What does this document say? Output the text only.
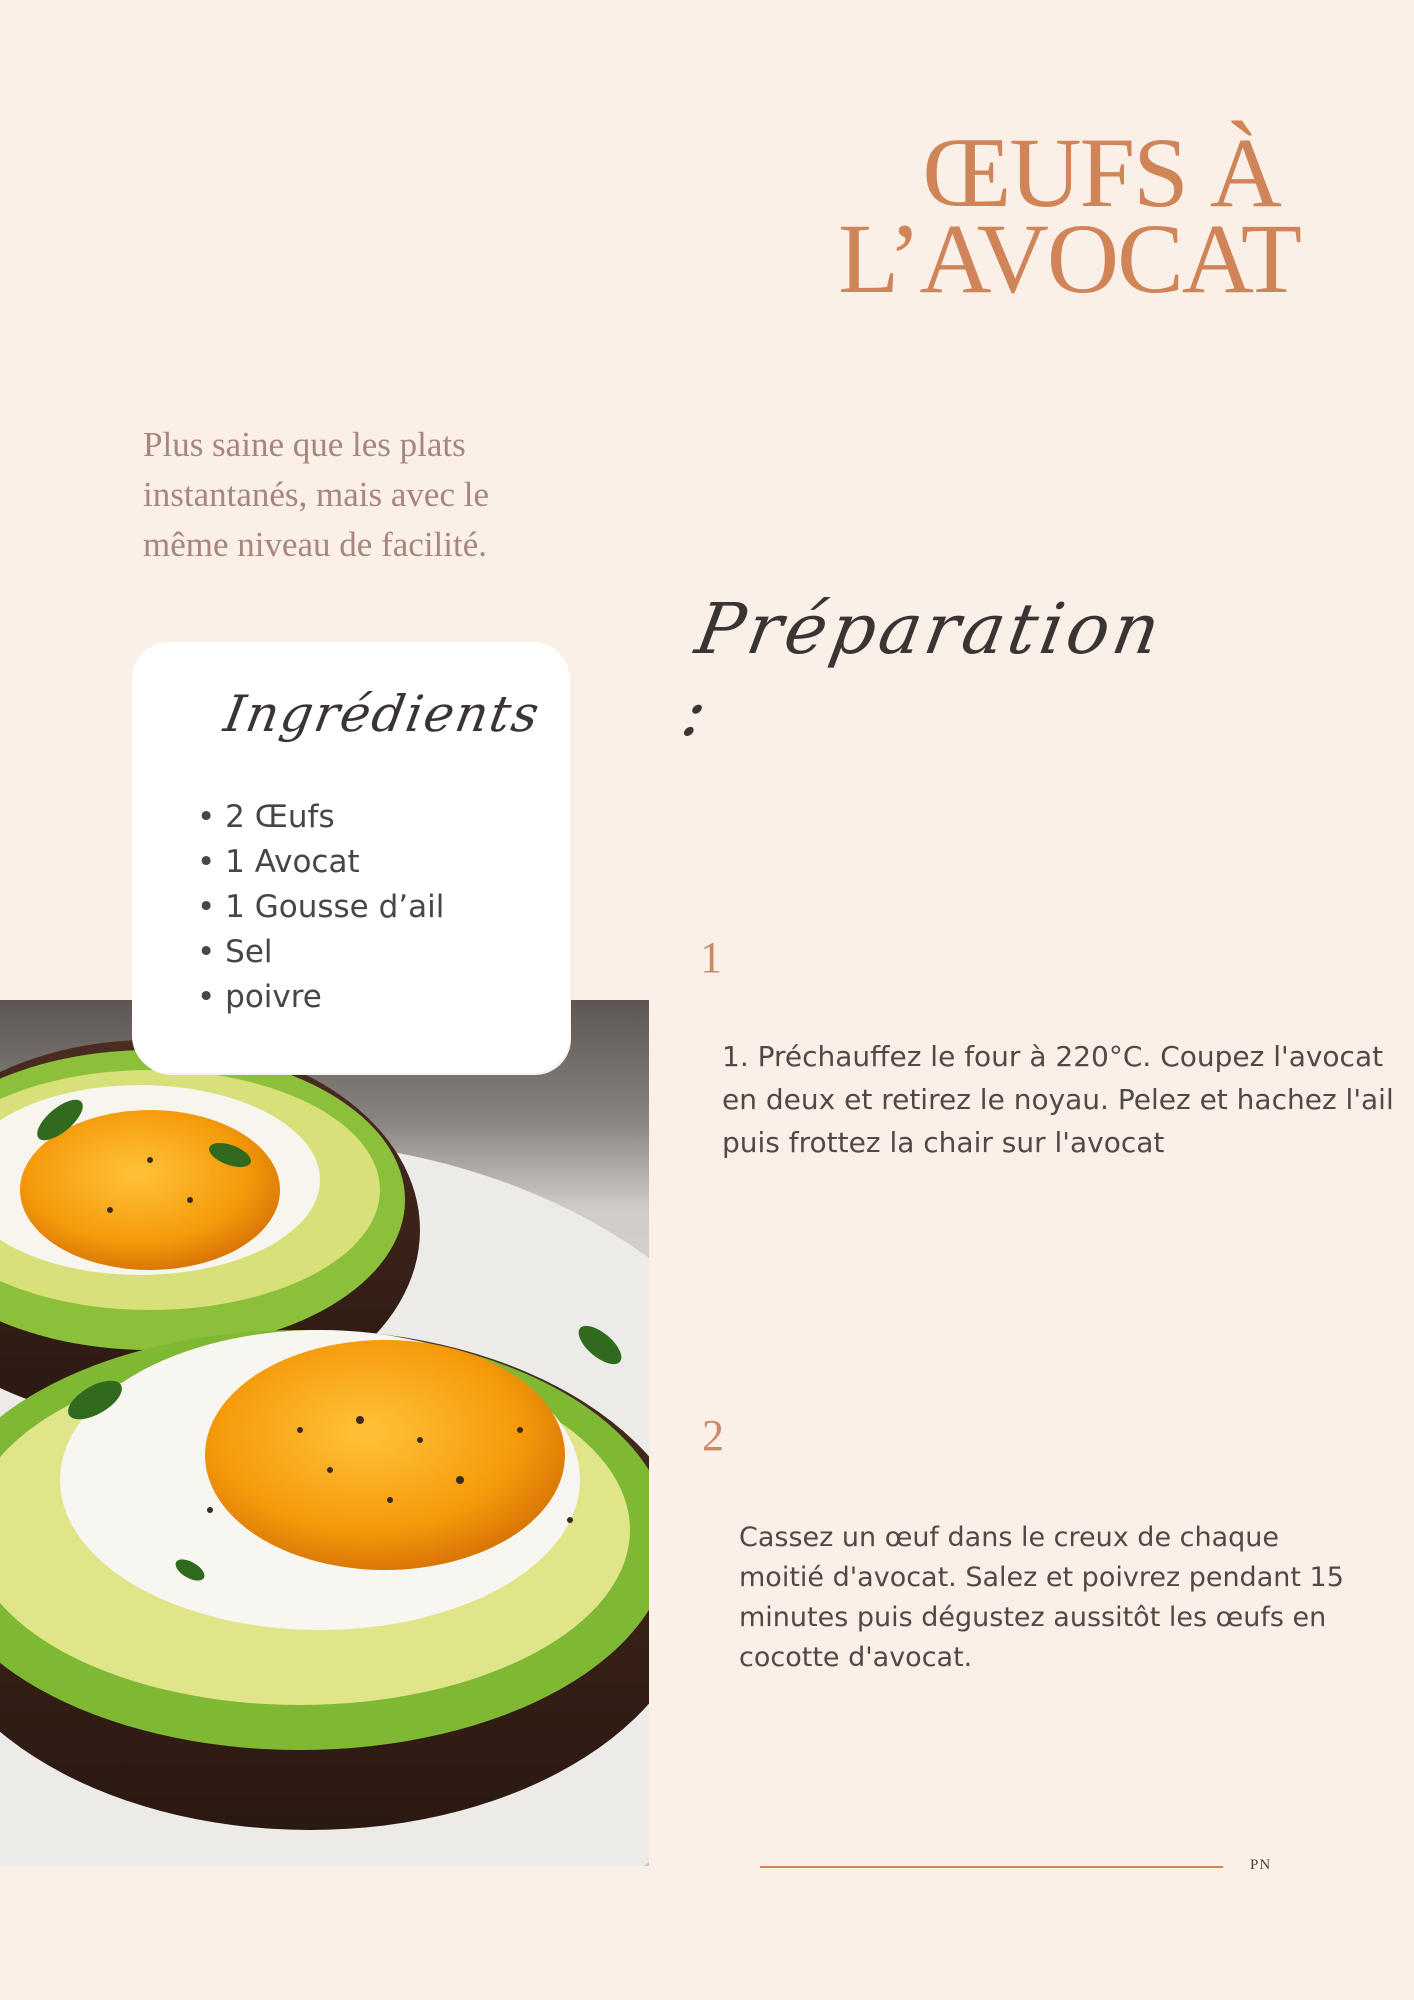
ŒUFS À
L’AVOCAT
Plus saine que les plats instantanés, mais avec le même niveau de facilité.
Préparation :
Ingrédients
• 2 Œufs
• 1 Avocat
• 1 Gousse d’ail
• Sel
• poivre
1
1. Préchauffez le four à 220°C. Coupez l'avocat en deux et retirez le noyau. Pelez et hachez l'ail puis frottez la chair sur l'avocat
2
Cassez un œuf dans le creux de chaque moitié d'avocat. Salez et poivrez pendant 15 minutes puis dégustez aussitôt les œufs en cocotte d'avocat.
PN
